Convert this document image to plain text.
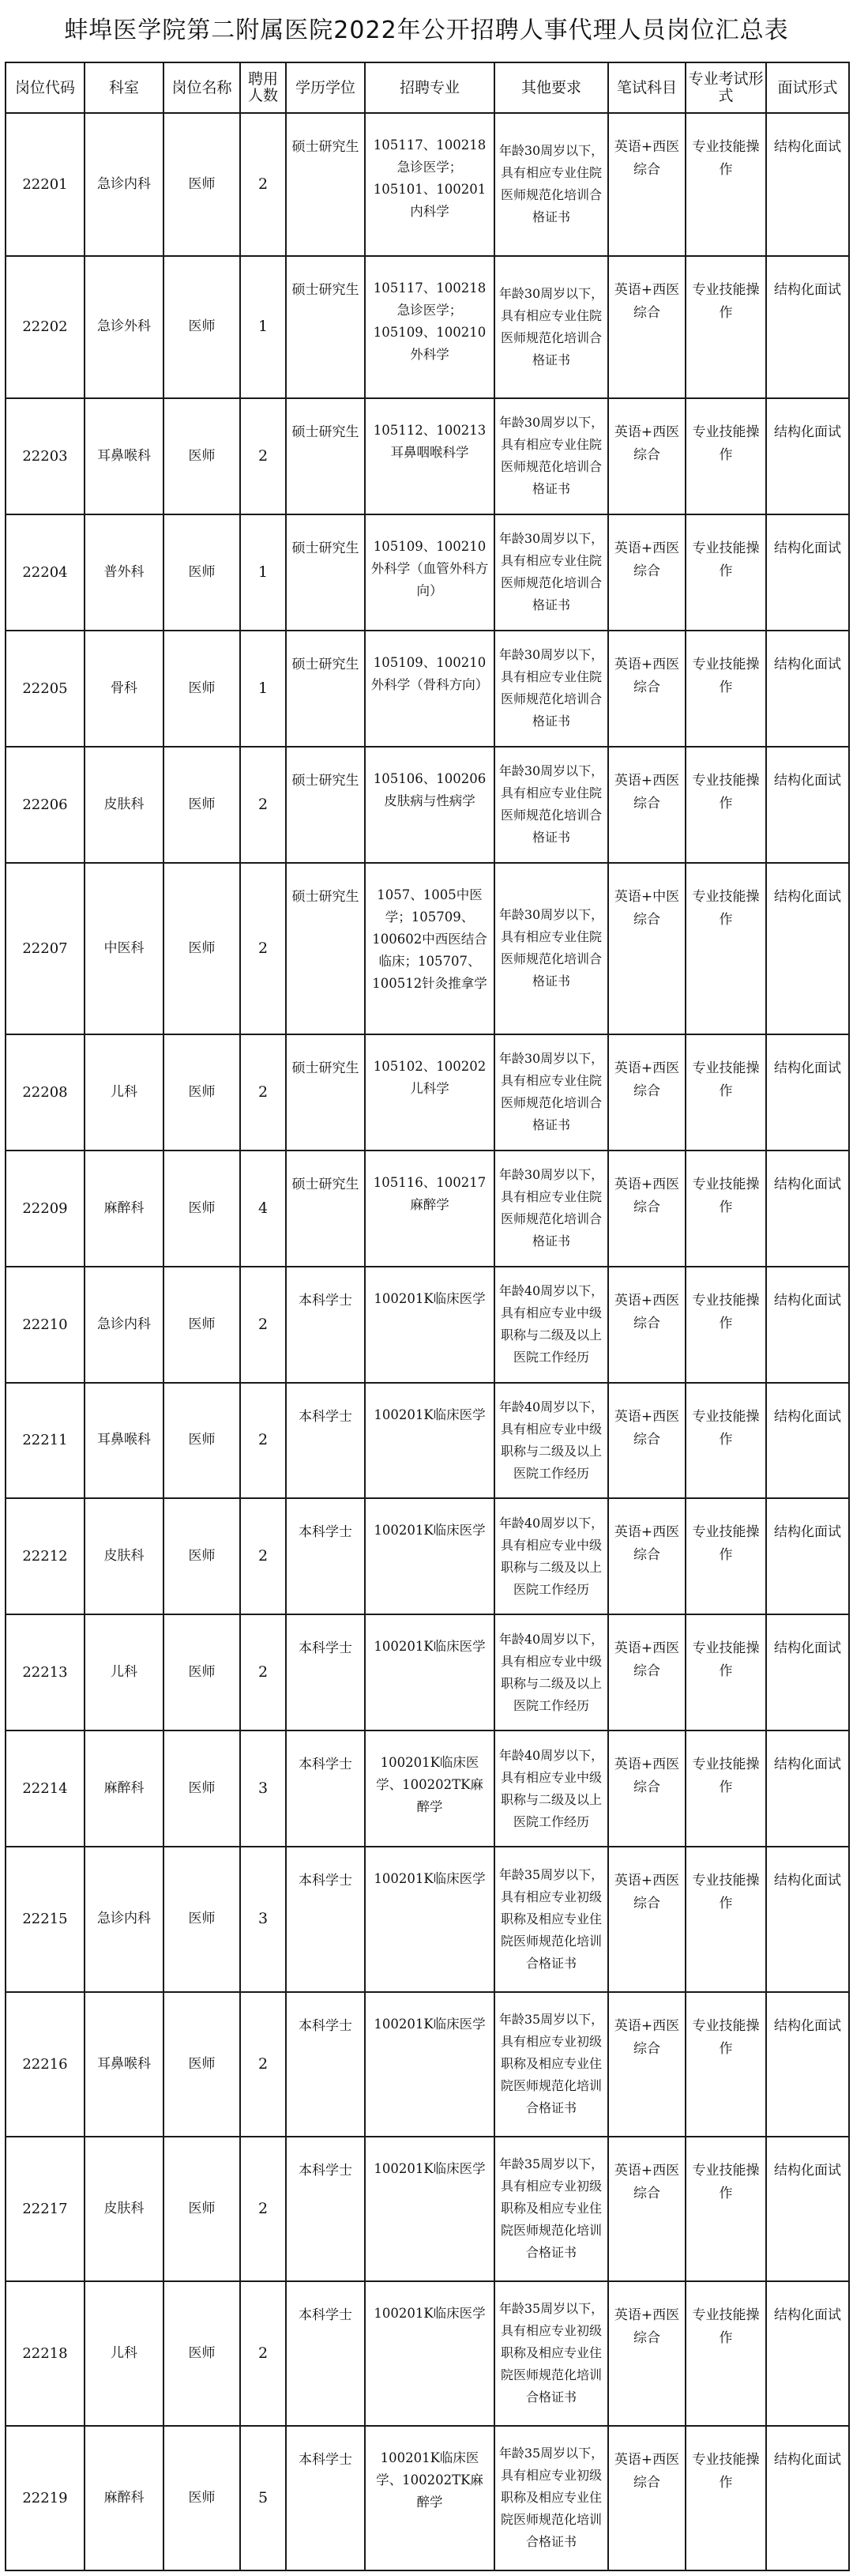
蚌埠医学院第二附属医院2022年公开招聘人事代理人员岗位汇总表
岗位代码	科室	岗位名称	聘用人数	学历学位	招聘专业	其他要求	笔试科目	专业考试形式	面试形式
22201	急诊内科	医师	2	硕士研究生	105117、100218急诊医学；105101、100201内科学	年龄30周岁以下，具有相应专业住院医师规范化培训合格证书	英语+西医综合	专业技能操作	结构化面试
22202	急诊外科	医师	1	硕士研究生	105117、100218急诊医学；105109、100210外科学	年龄30周岁以下，具有相应专业住院医师规范化培训合格证书	英语+西医综合	专业技能操作	结构化面试
22203	耳鼻喉科	医师	2	硕士研究生	105112、100213耳鼻咽喉科学	年龄30周岁以下，具有相应专业住院医师规范化培训合格证书	英语+西医综合	专业技能操作	结构化面试
22204	普外科	医师	1	硕士研究生	105109、100210外科学（血管外科方向）	年龄30周岁以下，具有相应专业住院医师规范化培训合格证书	英语+西医综合	专业技能操作	结构化面试
22205	骨科	医师	1	硕士研究生	105109、100210外科学（骨科方向）	年龄30周岁以下，具有相应专业住院医师规范化培训合格证书	英语+西医综合	专业技能操作	结构化面试
22206	皮肤科	医师	2	硕士研究生	105106、100206皮肤病与性病学	年龄30周岁以下，具有相应专业住院医师规范化培训合格证书	英语+西医综合	专业技能操作	结构化面试
22207	中医科	医师	2	硕士研究生	1057、1005中医学；105709、100602中西医结合临床；105707、100512针灸推拿学	年龄30周岁以下，具有相应专业住院医师规范化培训合格证书	英语+中医综合	专业技能操作	结构化面试
22208	儿科	医师	2	硕士研究生	105102、100202儿科学	年龄30周岁以下，具有相应专业住院医师规范化培训合格证书	英语+西医综合	专业技能操作	结构化面试
22209	麻醉科	医师	4	硕士研究生	105116、100217麻醉学	年龄30周岁以下，具有相应专业住院医师规范化培训合格证书	英语+西医综合	专业技能操作	结构化面试
22210	急诊内科	医师	2	本科学士	100201K临床医学	年龄40周岁以下，具有相应专业中级职称与二级及以上医院工作经历	英语+西医综合	专业技能操作	结构化面试
22211	耳鼻喉科	医师	2	本科学士	100201K临床医学	年龄40周岁以下，具有相应专业中级职称与二级及以上医院工作经历	英语+西医综合	专业技能操作	结构化面试
22212	皮肤科	医师	2	本科学士	100201K临床医学	年龄40周岁以下，具有相应专业中级职称与二级及以上医院工作经历	英语+西医综合	专业技能操作	结构化面试
22213	儿科	医师	2	本科学士	100201K临床医学	年龄40周岁以下，具有相应专业中级职称与二级及以上医院工作经历	英语+西医综合	专业技能操作	结构化面试
22214	麻醉科	医师	3	本科学士	100201K临床医学、100202TK麻醉学	年龄40周岁以下，具有相应专业中级职称与二级及以上医院工作经历	英语+西医综合	专业技能操作	结构化面试
22215	急诊内科	医师	3	本科学士	100201K临床医学	年龄35周岁以下，具有相应专业初级职称及相应专业住院医师规范化培训合格证书	英语+西医综合	专业技能操作	结构化面试
22216	耳鼻喉科	医师	2	本科学士	100201K临床医学	年龄35周岁以下，具有相应专业初级职称及相应专业住院医师规范化培训合格证书	英语+西医综合	专业技能操作	结构化面试
22217	皮肤科	医师	2	本科学士	100201K临床医学	年龄35周岁以下，具有相应专业初级职称及相应专业住院医师规范化培训合格证书	英语+西医综合	专业技能操作	结构化面试
22218	儿科	医师	2	本科学士	100201K临床医学	年龄35周岁以下，具有相应专业初级职称及相应专业住院医师规范化培训合格证书	英语+西医综合	专业技能操作	结构化面试
22219	麻醉科	医师	5	本科学士	100201K临床医学、100202TK麻醉学	年龄35周岁以下，具有相应专业初级职称及相应专业住院医师规范化培训合格证书	英语+西医综合	专业技能操作	结构化面试
